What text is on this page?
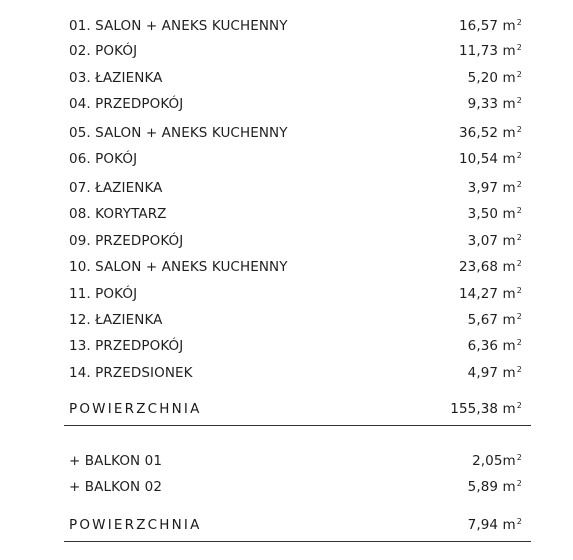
01. SALON + ANEKS KUCHENNY	16,57 $m^2$
02. POKÓJ	11,73 $m^2$
03. ŁAZIENKA	5,20 $m^2$
04. PRZEDPOKÓJ	9,33 $m^2$
05. SALON + ANEKS KUCHENNY	36,52 $m^2$
06. POKÓJ	10,54 $m^2$
07. ŁAZIENKA	3,97 $m^2$
08. KORYTARZ	3,50 $m^2$
09. PRZEDPOKÓJ	3,07 $m^2$
10. SALON + ANEKS KUCHENNY	23,68 $m^2$
11. POKÓJ	14,27 $m^2$
12. ŁAZIENKA	5,67 $m^2$
13. PRZEDPOKÓJ	6,36 $m^2$
14. PRZEDSIONEK	4,97 $m^2$
POWIERZCHNIA	155,38 $m^2$
+ BALKON 01	$2,05m^2$
+ BALKON 02	5,89 $m^2$
POWIERZCHNIA	7,94 $m^2$
